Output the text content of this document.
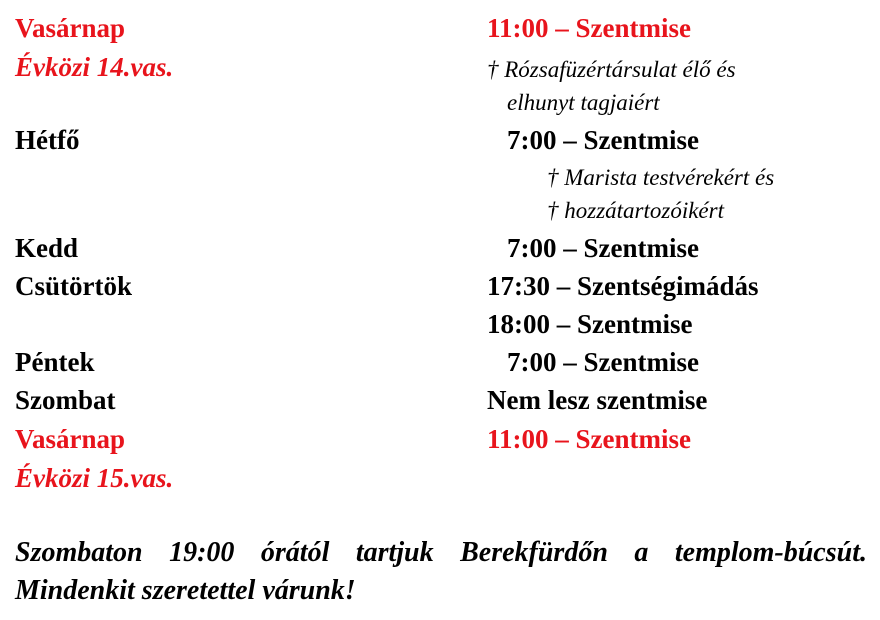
Vasárnap	11:00 – Szentmise
Évközi 14.vas.	† Rózsafüzértársulat élő és
elhunyt tagjaiért
Hétfő	7:00 – Szentmise
† Marista testvérekért és
† hozzátartozóikért
Kedd	7:00 – Szentmise
Csütörtök	17:30 – Szentségimádás
18:00 – Szentmise
Péntek	7:00 – Szentmise
Szombat	Nem lesz szentmise
Vasárnap	11:00 – Szentmise
Évközi 15.vas.
Szombaton 19:00 órától tartjuk Berekfürdőn a templom-búcsút. Mindenkit szeretettel várunk!
